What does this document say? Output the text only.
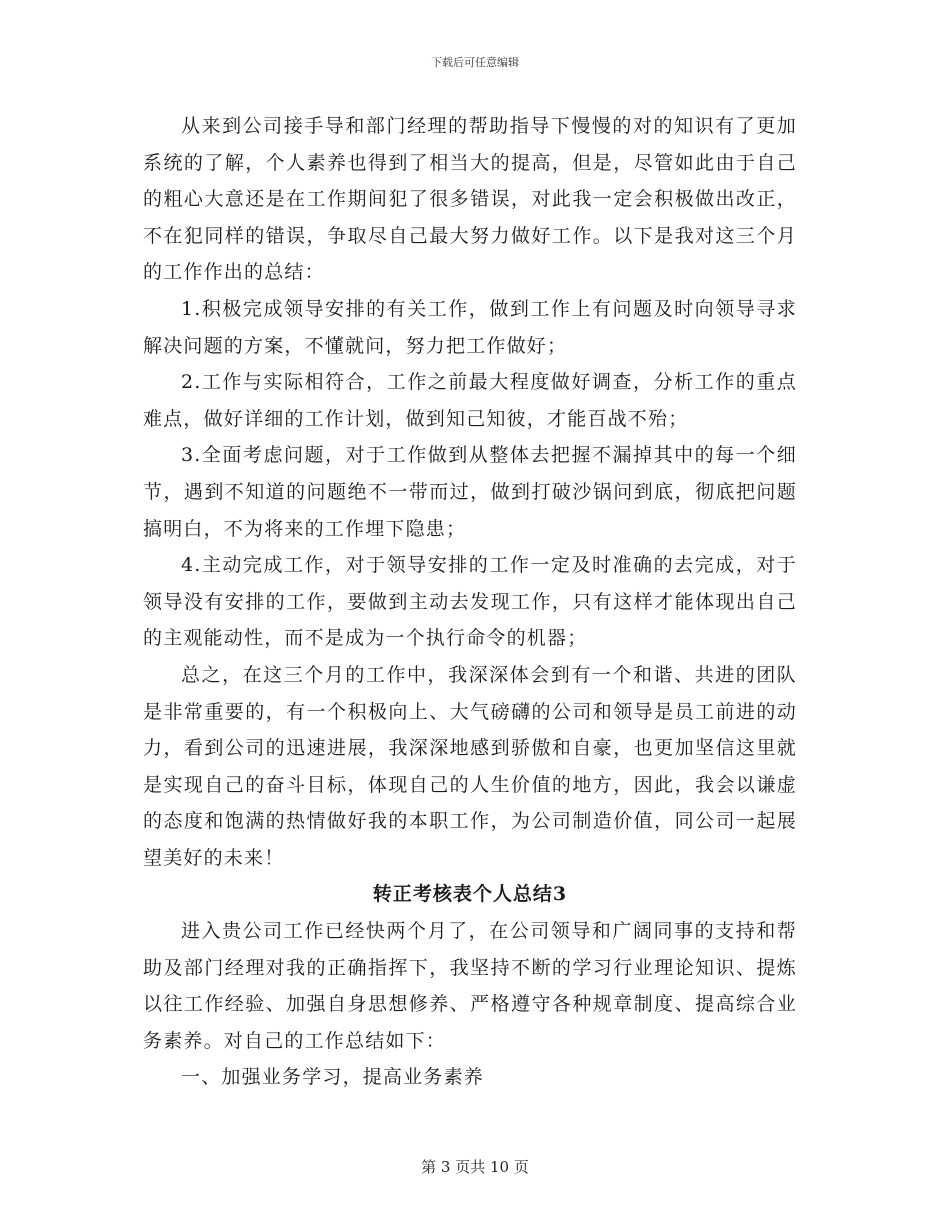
下载后可任意编辑

从来到公司接手导和部门经理的帮助指导下慢慢的对的知识有了更加系统的了解，个人素养也得到了相当大的提高，但是，尽管如此由于自己的粗心大意还是在工作期间犯了很多错误，对此我一定会积极做出改正，不在犯同样的错误，争取尽自己最大努力做好工作。以下是我对这三个月的工作作出的总结：

1.积极完成领导安排的有关工作，做到工作上有问题及时向领导寻求解决问题的方案，不懂就问，努力把工作做好；

2.工作与实际相符合，工作之前最大程度做好调查，分析工作的重点难点，做好详细的工作计划，做到知己知彼，才能百战不殆；

3.全面考虑问题，对于工作做到从整体去把握不漏掉其中的每一个细节，遇到不知道的问题绝不一带而过，做到打破沙锅问到底，彻底把问题搞明白，不为将来的工作埋下隐患；

4.主动完成工作，对于领导安排的工作一定及时准确的去完成，对于领导没有安排的工作，要做到主动去发现工作，只有这样才能体现出自己的主观能动性，而不是成为一个执行命令的机器；

总之，在这三个月的工作中，我深深体会到有一个和谐、共进的团队是非常重要的，有一个积极向上、大气磅礴的公司和领导是员工前进的动力，看到公司的迅速进展，我深深地感到骄傲和自豪，也更加坚信这里就是实现自己的奋斗目标，体现自己的人生价值的地方，因此，我会以谦虚的态度和饱满的热情做好我的本职工作，为公司制造价值，同公司一起展望美好的未来！

转正考核表个人总结3

进入贵公司工作已经快两个月了，在公司领导和广阔同事的支持和帮助及部门经理对我的正确指挥下，我坚持不断的学习行业理论知识、提炼以往工作经验、加强自身思想修养、严格遵守各种规章制度、提高综合业务素养。对自己的工作总结如下：

一、加强业务学习，提高业务素养

第 3 页共 10 页
